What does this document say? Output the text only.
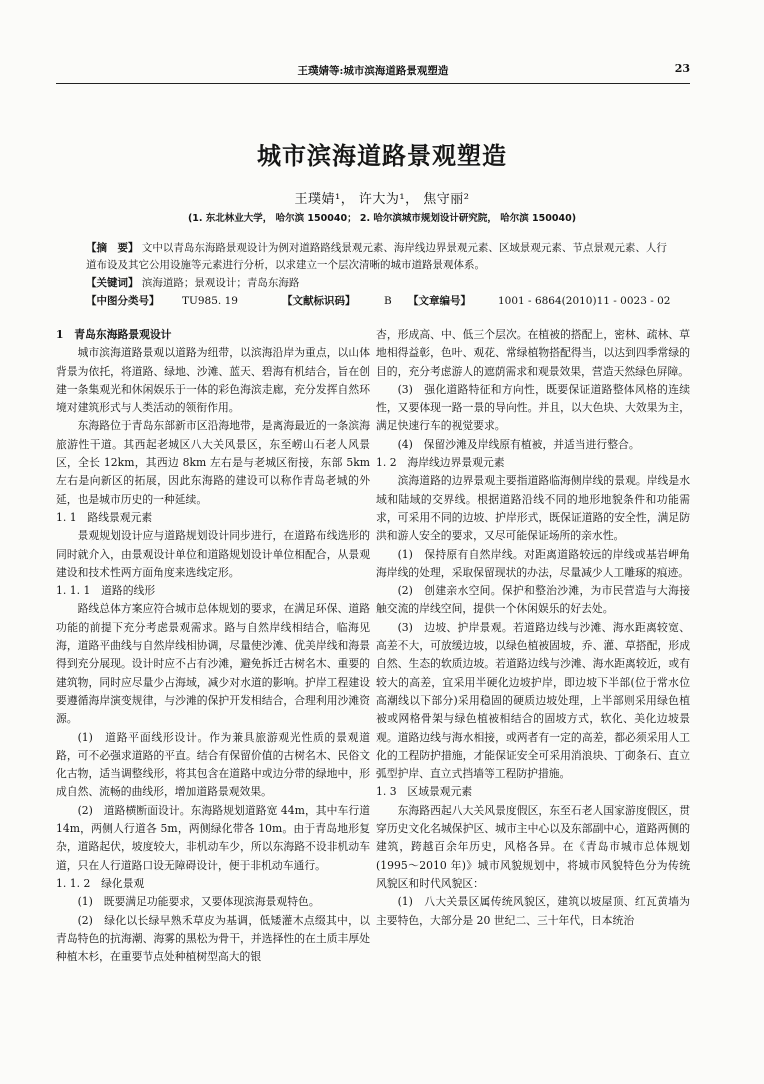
王璞婧等:城市滨海道路景观塑造	23
城市滨海道路景观塑造
王璞婧¹， 许大为¹， 焦守丽²
(1. 东北林业大学， 哈尔滨 150040； 2. 哈尔滨城市规划设计研究院， 哈尔滨 150040)
【摘　要】 文中以青岛东海路景观设计为例对道路路线景观元素、海岸线边界景观元素、区域景观元素、节点景观元素、人行道布设及其它公用设施等元素进行分析，以求建立一个层次清晰的城市道路景观体系。
【关键词】 滨海道路；景观设计；青岛东海路
【中图分类号】 TU985. 19	【文献标识码】	B 【文章编号】	1001 - 6864(2010)11 - 0023 - 02
1　青岛东海路景观设计

城市滨海道路景观以道路为纽带，以滨海沿岸为重点，以山体背景为依托，将道路、绿地、沙滩、蓝天、碧海有机结合，旨在创建一条集观光和休闲娱乐于一体的彩色海滨走廊，充分发挥自然环境对建筑形式与人类活动的领衔作用。

东海路位于青岛东部新市区沿海地带，是离海最近的一条滨海旅游性干道。其西起老城区八大关风景区，东至崂山石老人风景区，全长 12km，其西边 8km 左右是与老城区衔接，东部 5km 左右是向新区的拓展，因此东海路的建设可以称作青岛老城的外延，也是城市历史的一种延续。

1. 1　路线景观元素

景观规划设计应与道路规划设计同步进行，在道路布线选形的同时就介入，由景观设计单位和道路规划设计单位相配合，从景观建设和技术性两方面角度来选线定形。

1. 1. 1　道路的线形

路线总体方案应符合城市总体规划的要求，在满足环保、道路功能的前提下充分考虑景观需求。路与自然岸线相结合，临海见海，道路平曲线与自然岸线相协调，尽量使沙滩、优美岸线和海景得到充分展现。设计时应不占有沙滩，避免拆迁古树名木、重要的建筑物，同时应尽量少占海域，减少对水道的影响。护岸工程建设要遵循海岸演变规律，与沙滩的保护开发相结合，合理利用沙滩资源。

(1)　道路平面线形设计。作为兼具旅游观光性质的景观道路，可不必强求道路的平直。结合有保留价值的古树名木、民俗文化古物，适当调整线形，将其包含在道路中或边分带的绿地中，形成自然、流畅的曲线形，增加道路景观效果。

(2)　道路横断面设计。东海路规划道路宽 44m，其中车行道 14m，两侧人行道各 5m，两侧绿化带各 10m。由于青岛地形复杂，道路起伏，坡度较大，非机动车少，所以东海路不设非机动车道，只在人行道路口设无障碍设计，便于非机动车通行。

1. 1. 2　绿化景观

(1)　既要满足功能要求，又要体现滨海景观特色。

(2)　绿化以长绿早熟禾草皮为基调，低矮灌木点缀其中，以青岛特色的抗海潮、海雾的黑松为骨干，并选择性的在土质丰厚处种植木杉，在重要节点处种植树型高大的银

杏，形成高、中、低三个层次。在植被的搭配上，密林、疏林、草地相得益彰，色叶、观花、常绿植物搭配得当，以达到四季常绿的目的，充分考虑游人的遮荫需求和观景效果，营造天然绿色屏障。

(3)　强化道路特征和方向性，既要保证道路整体风格的连续性，又要体现一路一景的导向性。并且，以大色块、大效果为主，满足快速行车的视觉要求。

(4)　保留沙滩及岸线原有植被，并适当进行整合。

1. 2　海岸线边界景观元素

滨海道路的边界景观主要指道路临海侧岸线的景观。岸线是水域和陆域的交界线。根据道路沿线不同的地形地貌条件和功能需求，可采用不同的边坡、护岸形式，既保证道路的安全性，满足防洪和游人安全的要求，又尽可能保证场所的亲水性。

(1)　保持原有自然岸线。对距离道路较远的岸线或基岩岬角海岸线的处理，采取保留现状的办法，尽量减少人工雕琢的痕迹。

(2)　创建亲水空间。保护和整治沙滩，为市民营造与大海接触交流的岸线空间，提供一个休闲娱乐的好去处。

(3)　边坡、护岸景观。若道路边线与沙滩、海水距离较宽、高差不大，可放缓边坡，以绿色植被固坡，乔、灌、草搭配，形成自然、生态的软质边坡。若道路边线与沙滩、海水距离较近，或有较大的高差，宜采用半硬化边坡护岸，即边坡下半部(位于常水位高潮线以下部分)采用稳固的硬质边坡处理，上半部则采用绿色植被或网格骨架与绿色植被相结合的固坡方式，软化、美化边坡景观。道路边线与海水相接，或两者有一定的高差，都必须采用人工化的工程防护措施，才能保证安全可采用消浪块、丁砌条石、直立弧型护岸、直立式挡墙等工程防护措施。

1. 3　区域景观元素

东海路西起八大关风景度假区，东至石老人国家游度假区，贯穿历史文化名城保护区、城市主中心以及东部副中心，道路两侧的建筑，跨越百余年历史，风格各异。在《青岛市城市总体规划(1995～2010 年)》城市风貌规划中，将城市风貌特色分为传统风貌区和时代风貌区：

(1)　八大关景区属传统风貌区，建筑以坡屋顶、红瓦黄墙为主要特色，大部分是 20 世纪二、三十年代，日本统治
